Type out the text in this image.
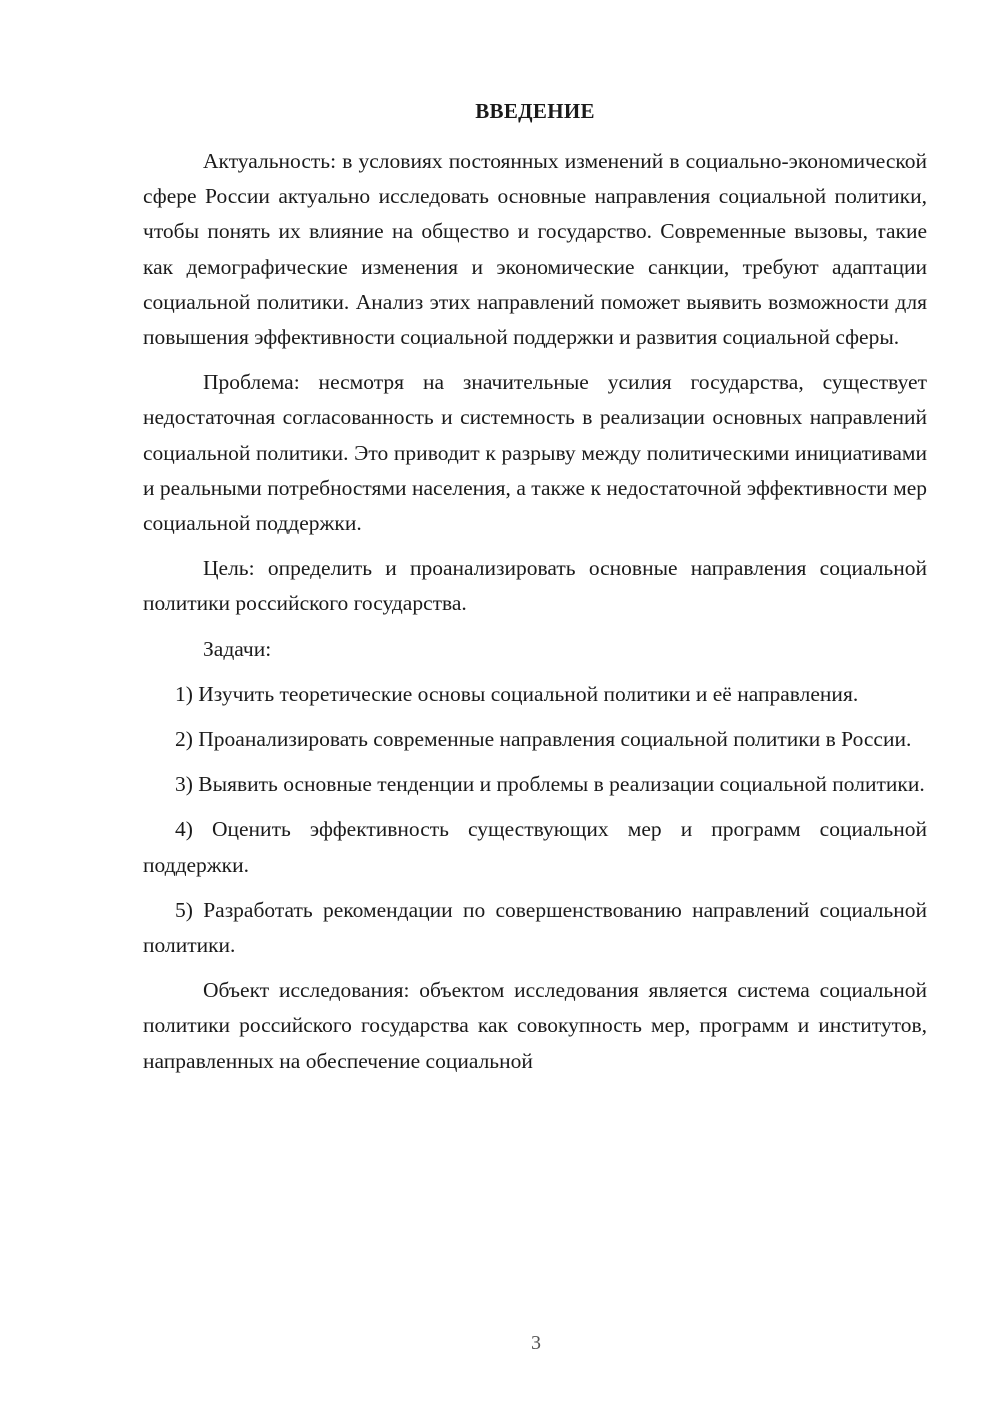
ВВЕДЕНИЕ

Актуальность: в условиях постоянных изменений в социально-экономической сфере России актуально исследовать основные направления социальной политики, чтобы понять их влияние на общество и государство. Современные вызовы, такие как демографические изменения и экономические санкции, требуют адаптации социальной политики. Анализ этих направлений поможет выявить возможности для повышения эффективности социальной поддержки и развития социальной сферы.

Проблема: несмотря на значительные усилия государства, существует недостаточная согласованность и системность в реализации основных направлений социальной политики. Это приводит к разрыву между политическими инициативами и реальными потребностями населения, а также к недостаточной эффективности мер социальной поддержки.

Цель: определить и проанализировать основные направления социальной политики российского государства.

Задачи:

1) Изучить теоретические основы социальной политики и её направления.

2) Проанализировать современные направления социальной политики в России.

3) Выявить основные тенденции и проблемы в реализации социальной политики.

4) Оценить эффективность существующих мер и программ социальной поддержки.

5) Разработать рекомендации по совершенствованию направлений социальной политики.

Объект исследования: объектом исследования является система социальной политики российского государства как совокупность мер, программ и институтов, направленных на обеспечение социальной

3
